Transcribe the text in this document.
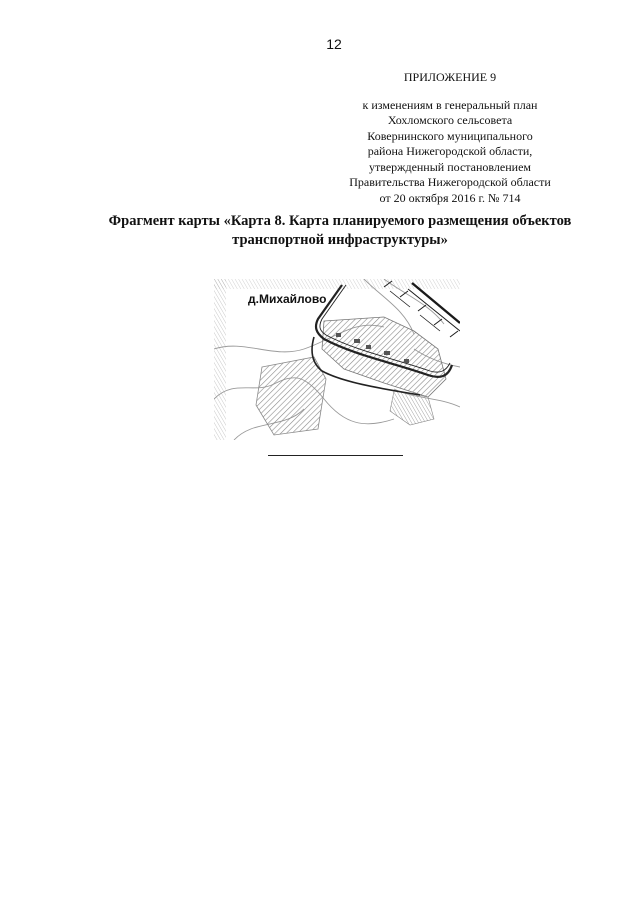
12
ПРИЛОЖЕНИЕ 9
к изменениям в генеральный план
Хохломского сельсовета
Ковернинского муниципального
района Нижегородской области,
утвержденный постановлением
Правительства Нижегородской области
от 20 октября 2016 г. № 714
Фрагмент карты «Карта 8. Карта планируемого размещения объектов
транспортной инфраструктуры»
д.Михайлово
